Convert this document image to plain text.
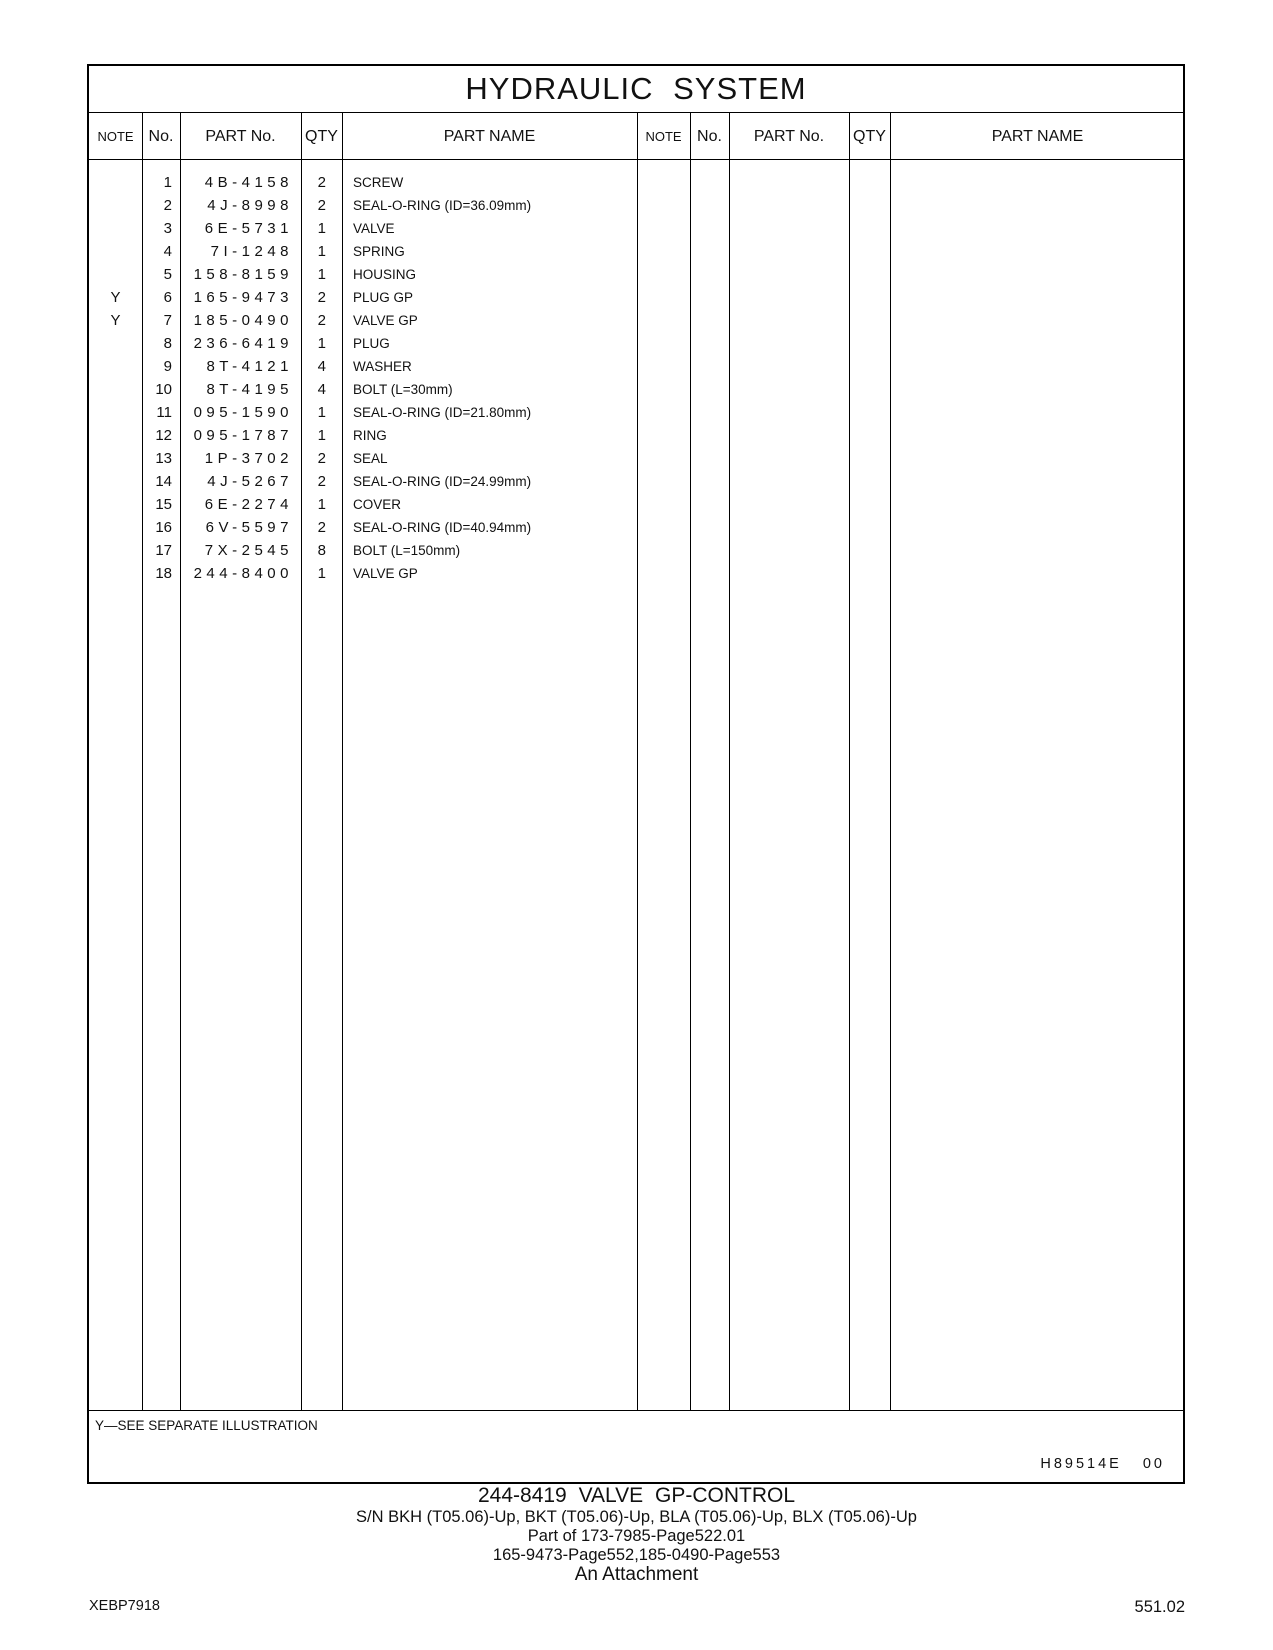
HYDRAULIC SYSTEM
NOTE No.	PART No.	QTY	PART NAME	NOTE No.	PART No.	QTY	PART NAME
1	4B-4158	2 SCREW
2	4J-8998	2 SEAL-O-RING (ID=36.09mm)
3	6E-5731	1 VALVE
4	7I-1248	1 SPRING
5	158-8159	1 HOUSING
Y	6	165-9473	2 PLUG GP
Y	7	185-0490	2 VALVE GP
8	236-6419	1 PLUG
9	8T-4121	4 WASHER
10	8T-4195	4 BOLT (L=30mm)
11	095-1590	1 SEAL-O-RING (ID=21.80mm)
12	095-1787	1 RING
13	1P-3702	2 SEAL
14	4J-5267	2 SEAL-O-RING (ID=24.99mm)
15	6E-2274	1 COVER
16	6V-5597	2 SEAL-O-RING (ID=40.94mm)
17	7X-2545	8 BOLT (L=150mm)
18	244-8400	1 VALVE GP
Y—SEE SEPARATE ILLUSTRATION
H89514E 00
244-8419 VALVE GP-CONTROL
S/N BKH (T05.06)-Up, BKT (T05.06)-Up, BLA (T05.06)-Up, BLX (T05.06)-Up
Part of 173-7985-Page522.01
165-9473-Page552,185-0490-Page553
An Attachment
XEBP7918	551.02
